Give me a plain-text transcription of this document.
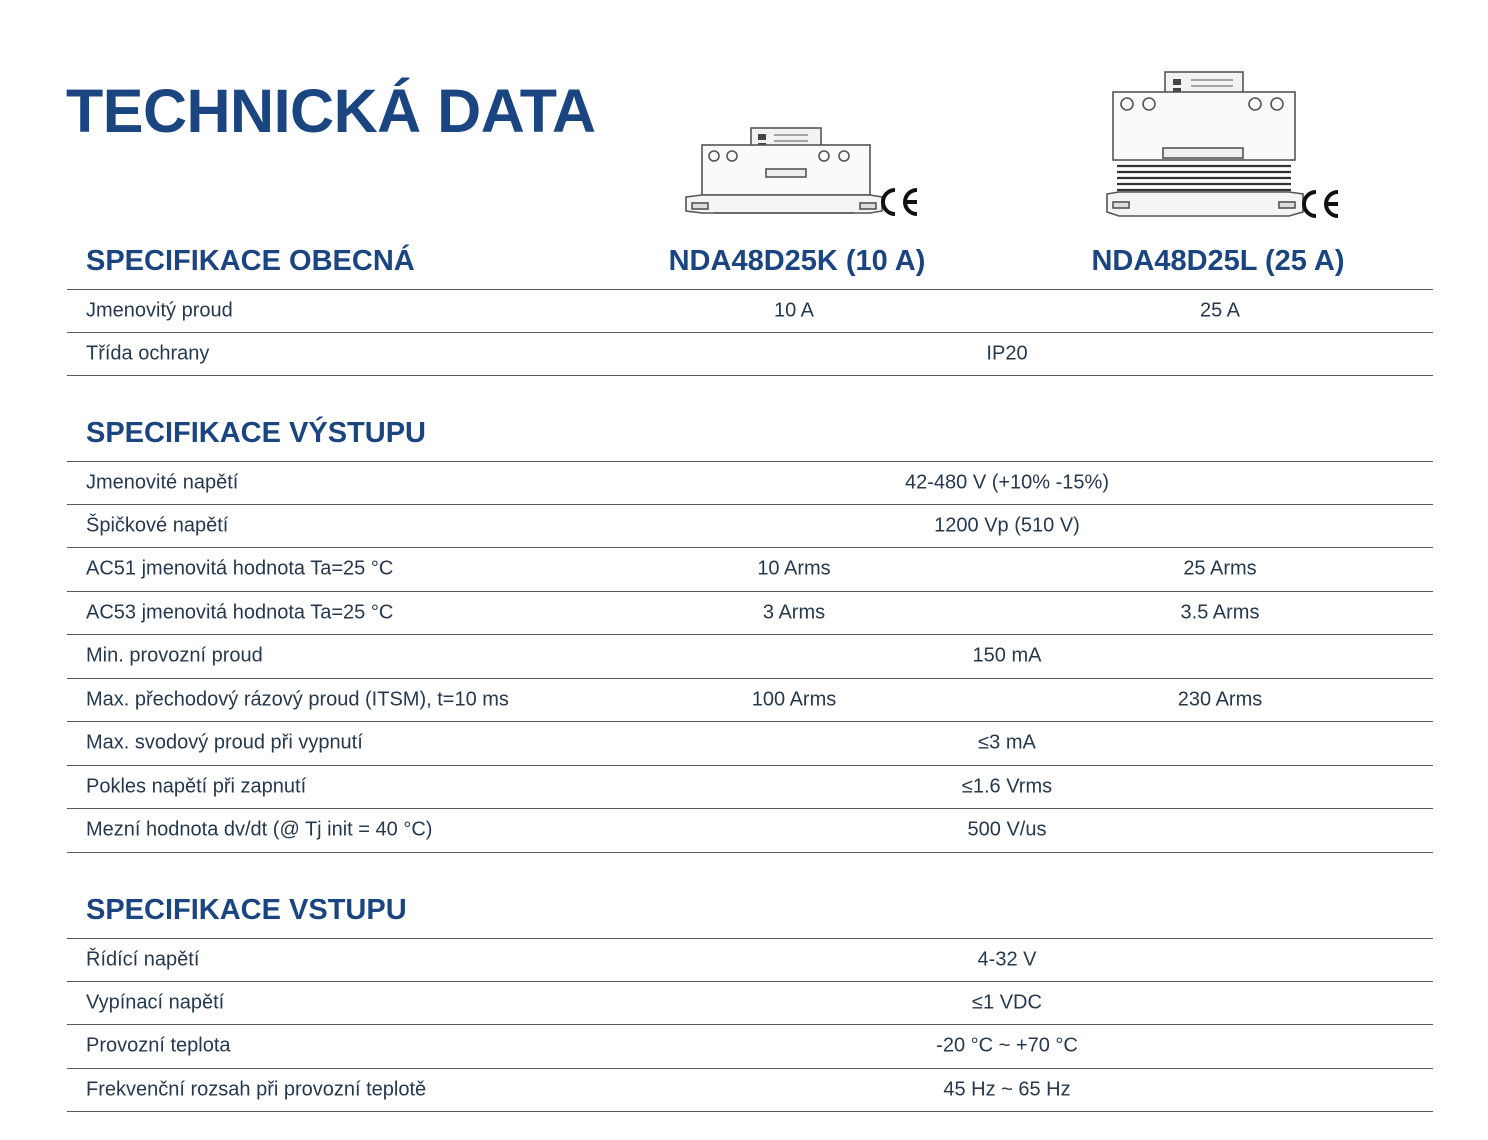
TECHNICKÁ DATA
SPECIFIKACE OBECNÁ	NDA48D25K (10 A)	NDA48D25L (25 A)
Jmenovitý proud	10 A	25 A
Třída ochrany	IP20
SPECIFIKACE VÝSTUPU
Jmenovité napětí	42-480 V (+10% -15%)
Špičkové napětí	1200 Vp (510 V)
AC51 jmenovitá hodnota Ta=25 °C	10 Arms	25 Arms
AC53 jmenovitá hodnota Ta=25 °C	3 Arms	3.5 Arms
Min. provozní proud	150 mA
Max. přechodový rázový proud (ITSM), t=10 ms	100 Arms	230 Arms
Max. svodový proud při vypnutí	≤3 mA
Pokles napětí při zapnutí	≤1.6 Vrms
Mezní hodnota dv/dt (@ Tj init = 40 °C)	500 V/us
SPECIFIKACE VSTUPU
Řídící napětí	4-32 V
Vypínací napětí	≤1 VDC
Provozní teplota	-20 °C ~ +70 °C
Frekvenční rozsah při provozní teplotě	45 Hz ~ 65 Hz
